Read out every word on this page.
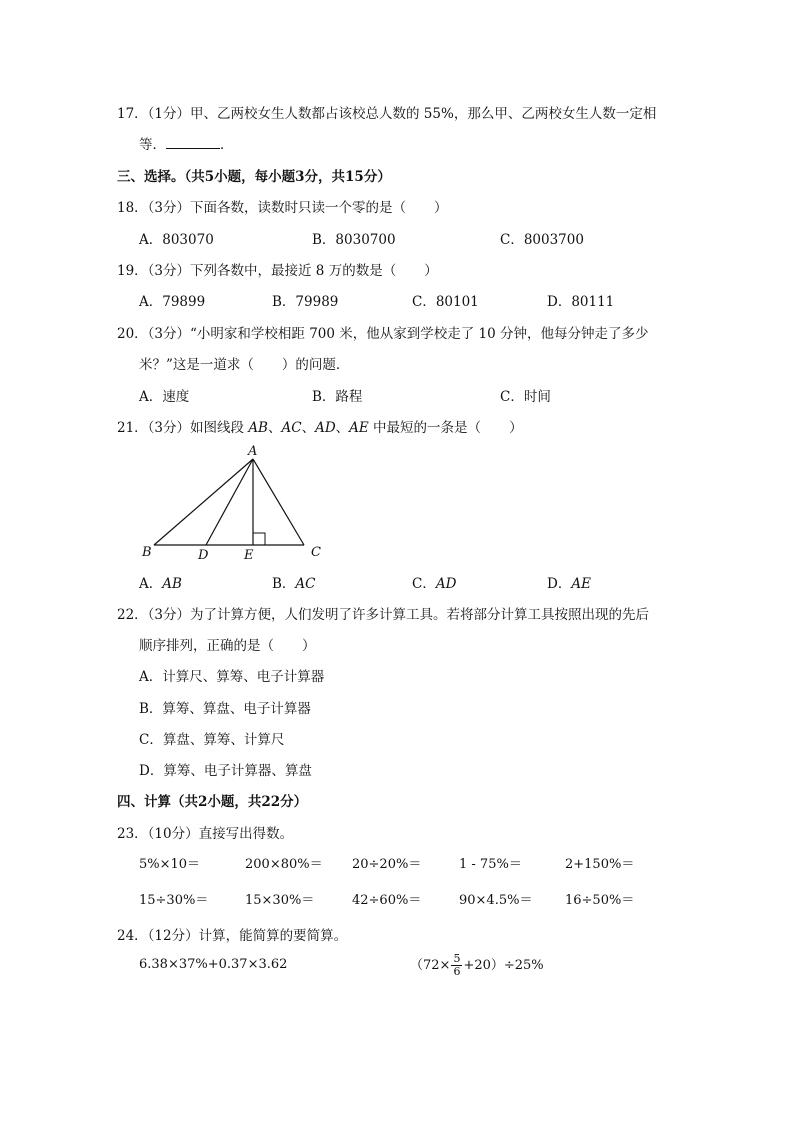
17．（1分）甲、乙两校女生人数都占该校总人数的 55%，那么甲、乙两校女生人数一定相
等．	．
三、选择。（共5小题，每小题3分，共15分）
18．（3分）下面各数，读数时只读一个零的是（ ）
A．803070	B．8030700	C．8003700
19．（3分）下列各数中，最接近 8 万的数是（ ）
A．79899	B．79989	C．80101	D．80111
20．（3分）“小明家和学校相距 700 米，他从家到学校走了 10 分钟，他每分钟走了多少
米？”这是一道求（ ）的问题．
A．速度	B．路程	C．时间
21．（3分）如图线段 AB、AC、AD、AE 中最短的一条是（ ）
A
B	D	E	C
A．AB	B．AC	C．AD	D．AE
22．（3分）为了计算方便，人们发明了许多计算工具。若将部分计算工具按照出现的先后
顺序排列，正确的是（ ）
A．计算尺、算筹、电子计算器
B．算筹、算盘、电子计算器
C．算盘、算筹、计算尺
D．算筹、电子计算器、算盘
四、计算（共2小题，共22分）
23．（10分）直接写出得数。
5%×10＝	200×80%＝ 20÷20%＝	1 - 75%＝	2+150%＝
15÷30%＝	15×30%＝	42÷60%＝	90×4.5%＝	16÷50%＝
24．（12分）计算，能简算的要简算。
6.38×37%+0.37×3.62	$(72\times \frac{5}{6} +20)\div 25\%$
